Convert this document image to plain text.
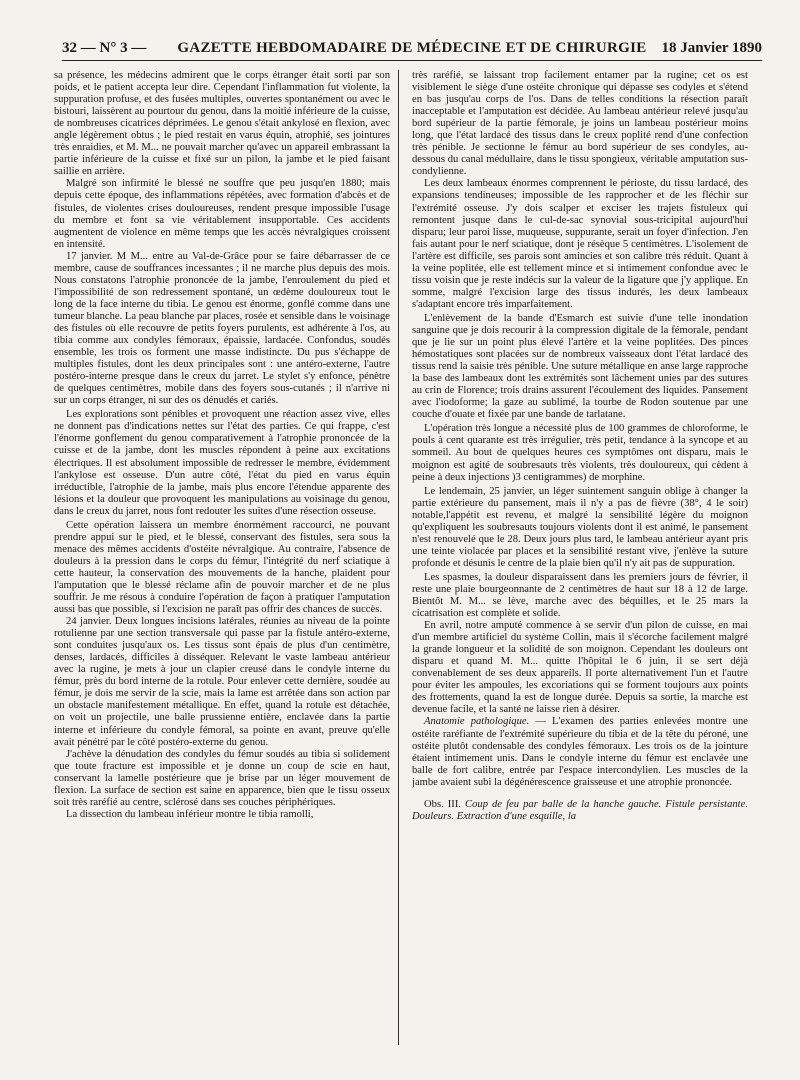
32 — N° 3 —	GAZETTE HEBDOMADAIRE DE MÉDECINE ET DE CHIRURGIE 18 Janvier 1890

sa présence, les médecins admirent que le corps étranger était sorti par son poids, et le patient accepta leur dire. Cependant l'inflammation fut violente, la suppuration profuse, et des fusées multiples, ouvertes spontanément ou avec le bistouri, laissèrent au pourtour du genou, dans la moitié inférieure de la cuisse, de nombreuses cicatrices déprimées. Le genou s'était ankylosé en flexion, avec angle légèrement obtus ; le pied restait en varus équin, atrophié, ses jointures très enraidies, et M. M... ne pouvait marcher qu'avec un appareil embrassant la partie inférieure de la cuisse et fixé sur un pilon, la jambe et le pied faisant saillie en arrière.

Malgré son infirmité le blessé ne souffre que peu jusqu'en 1880; mais depuis cette époque, des inflammations répétées, avec formation d'abcès et de fistules, de violentes crises douloureuses, rendent presque impossible l'usage du membre et font sa vie véritablement insupportable. Ces accidents augmentent de violence en même temps que les accès névralgiques croissent en intensité.

17 janvier. M M... entre au Val-de-Grâce pour se faire débarrasser de ce membre, cause de souffrances incessantes ; il ne marche plus depuis des mois. Nous constatons l'atrophie prononcée de la jambe, l'enroulement du pied et l'impossibilité de son redressement spontané, un œdème douloureux tout le long de la face interne du tibia. Le genou est énorme, gonflé comme dans une tumeur blanche. La peau blanche par places, rosée et sensible dans le voisinage des fistules où elle recouvre de petits foyers purulents, est adhérente à l'os, au tibia comme aux condyles fémoraux, épaissie, lardacée. Confondus, soudés ensemble, les trois os forment une masse indistincte. Du pus s'échappe de multiples fistules, dont les deux principales sont : une antéro-externe, l'autre postéro-interne presque dans le creux du jarret. Le stylet s'y enfonce, pénètre de quelques centimètres, mobile dans des foyers sous-cutanés ; il n'arrive ni sur un corps étranger, ni sur des os dénudés et cariés.

Les explorations sont pénibles et provoquent une réaction assez vive, elles ne donnent pas d'indications nettes sur l'état des parties. Ce qui frappe, c'est l'énorme gonflement du genou comparativement à l'atrophie prononcée de la cuisse et de la jambe, dont les muscles répondent à peine aux excitations électriques. Il est absolument impossible de redresser le membre, évidemment l'ankylose est osseuse. D'un autre côté, l'état du pied en varus équin irréductible, l'atrophie de la jambe, mais plus encore l'étendue apparente des lésions et la douleur que provoquent les manipulations au voisinage du genou, dans le creux du jarret, nous font redouter les suites d'une résection osseuse.

Cette opération laissera un membre énormément raccourci, ne pouvant prendre appui sur le pied, et le blessé, conservant des fistules, sera sous la menace des mêmes accidents d'ostéite névralgique. Au contraire, l'absence de douleurs à la pression dans le corps du fémur, l'intégrité du nerf sciatique à cette hauteur, la conservation des mouvements de la hanche, plaident pour l'amputation que le blessé réclame afin de pouvoir marcher et de ne plus souffrir. Je me résous à conduire l'opération de façon à pratiquer l'amputation aussi bas que possible, si l'excision ne paraît pas offrir des chances de succès.

24 janvier. Deux longues incisions latérales, réunies au niveau de la pointe rotulienne par une section transversale qui passe par la fistule antéro-externe, sont conduites jusqu'aux os. Les tissus sont épais de plus d'un centimètre, denses, lardacés, difficiles à disséquer. Relevant le vaste lambeau antérieur avec la rugine, je mets à jour un clapier creusé dans le condyle interne du fémur, près du bord interne de la rotule. Pour enlever cette dernière, soudée au fémur, je dois me servir de la scie, mais la lame est arrêtée dans son action par un obstacle manifestement métallique. En effet, quand la rotule est détachée, on voit un projectile, une balle prussienne entière, enclavée dans la partie interne et inférieure du condyle fémoral, sa pointe en avant, preuve qu'elle avait pénétré par le côté postéro-externe du genou.

J'achève la dénudation des condyles du fémur soudés au tibia si solidement que toute fracture est impossible et je donne un coup de scie en haut, conservant la lamelle postérieure que je brise par un léger mouvement de flexion. La surface de section est saine en apparence, bien que le tissu osseux soit très raréfié au centre, sclérosé dans ses couches périphériques.

La dissection du lambeau inférieur montre le tibia ramolli,

très raréfié, se laissant trop facilement entamer par la rugine; cet os est visiblement le siège d'une ostéite chronique qui dépasse ses codyles et s'étend en bas jusqu'au corps de l'os. Dans de telles conditions la résection paraît inacceptable et l'amputation est décidée. Au lambeau antérieur relevé jusqu'au bord supérieur de la partie fémorale, je joins un lambeau postérieur moins long, que l'état lardacé des tissus dans le creux poplité rend d'une confection très pénible. Je sectionne le fémur au bord supérieur de ses condyles, au-dessous du canal médullaire, dans le tissu spongieux, véritable amputation sus-condylienne.

Les deux lambeaux énormes comprennent le périoste, du tissu lardacé, des expansions tendineuses; impossible de les rapprocher et de les fléchir sur l'extrémité osseuse. J'y dois scalper et exciser les trajets fistuleux qui remontent jusque dans le cul-de-sac synovial sous-tricipital aujourd'hui disparu; leur paroi lisse, muqueuse, suppurante, serait un foyer d'infection. J'en fais autant pour le nerf sciatique, dont je résèque 5 centimètres. L'isolement de l'artère est difficile, ses parois sont amincies et son calibre très réduit. Quant à la veine poplitée, elle est tellement mince et si intimement confondue avec le tissu voisin que je reste indécis sur la valeur de la ligature que j'y applique. En somme, malgré l'excision large des tissus indurés, les deux lambeaux s'adaptant encore très imparfaitement.

L'enlèvement de la bande d'Esmarch est suivie d'une telle inondation sanguine que je dois recourir à la compression digitale de la fémorale, pendant que je lie sur un point plus élevé l'artère et la veine poplitées. Des pinces hémostatiques sont placées sur de nombreux vaisseaux dont l'état lardacé des tissus rend la saisie très pénible. Une suture métallique en anse large rapproche la base des lambeaux dont les extrémités sont lâchement unies par des sutures au crin de Florence; trois drains assurent l'écoulement des liquides. Pansement avec l'iodoforme; la gaze au sublimé, la tourbe de Rodon soutenue par une couche d'ouate et fixée par une bande de tarlatane.

L'opération très longue a nécessité plus de 100 grammes de chloroforme, le pouls à cent quarante est très irrégulier, très petit, tendance à la syncope et au sommeil. Au bout de quelques heures ces symptômes ont disparu, mais le moignon est agité de soubresauts très violents, très douloureux, qui cèdent à peine à deux injections )3 centigrammes) de morphine.

Le lendemain, 25 janvier, un léger suintement sanguin oblige à changer la partie extérieure du pansement, mais il n'y a pas de fièvre (38°, 4 le soir) notable,l'appétit est revenu, et malgré la sensibilité légère du moignon qu'expliquent les soubresauts toujours violents dont il est animé, le pansement n'est renouvelé que le 28. Deux jours plus tard, le lambeau antérieur ayant pris une teinte violacée par places et la sensibilité restant vive, j'enlève la suture profonde et désunis le centre de la plaie bien qu'il n'y ait pas de suppuration.

Les spasmes, la douleur disparaissent dans les premiers jours de février, il reste une plaie bourgeonnante de 2 centimètres de haut sur 18 à 12 de large. Bientôt M. M... se lève, marche avec des béquilles, et le 25 mars la cicatrisation est complète et solide.

En avril, notre amputé commence à se servir d'un pilon de cuisse, en mai d'un membre artificiel du système Collin, mais il s'écorche facilement malgré la grande longueur et la solidité de son moignon. Cependant les douleurs ont disparu et quand M. M... quitte l'hôpital le 6 juin, il se sert déjà convenablement de ses deux appareils. Il porte alternativement l'un et l'autre pour éviter les ampoules, les excoriations qui se forment toujours aux points des frottements, quand la est de longue durée. Depuis sa sortie, la marche est devenue facile, et la santé ne laisse rien à désirer.

Anatomie pathologique. — L'examen des parties enlevées montre une ostéite raréfiante de l'extrémité supérieure du tibia et de la tête du péroné, une ostéite plutôt condensable des condyles fémoraux. Les trois os de la jointure étaient intimement unis. Dans le condyle interne du fémur est enclavée une balle de fort calibre, entrée par l'espace intercondylien. Les muscles de la jambe avaient subi la dégénérescence graisseuse et une atrophie prononcée.

Obs. III. Coup de feu par balle de la hanche gauche. Fistule persistante. Douleurs. Extraction d'une esquille, la
